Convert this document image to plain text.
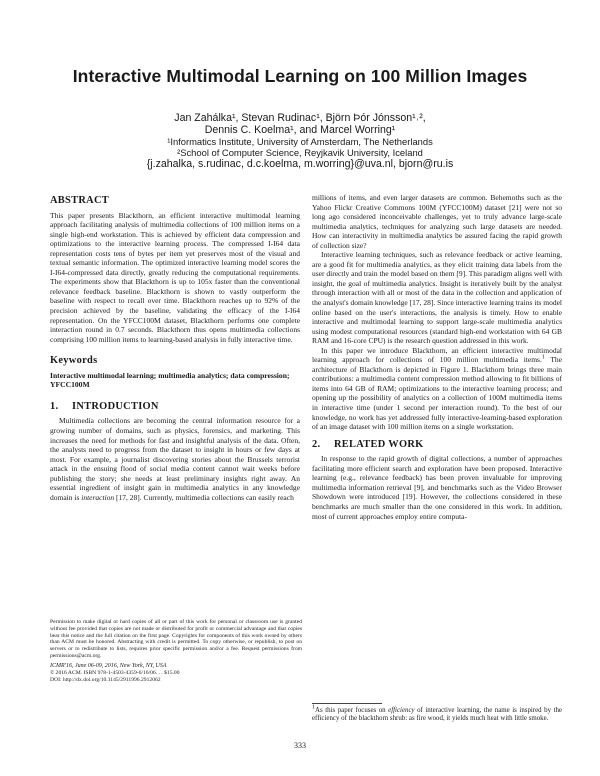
Interactive Multimodal Learning on 100 Million Images
Jan Zahálka¹, Stevan Rudinac¹, Björn Þór Jónsson¹˒²,
Dennis C. Koelma¹, and Marcel Worring¹
¹Informatics Institute, University of Amsterdam, The Netherlands
²School of Computer Science, Reyjkavik University, Iceland
{j.zahalka, s.rudinac, d.c.koelma, m.worring}@uva.nl, bjorn@ru.is
ABSTRACT

This paper presents Blackthorn, an efficient interactive multimodal learning approach facilitating analysis of multimedia collections of 100 million items on a single high-end workstation. This is achieved by efficient data compression and optimizations to the interactive learning process. The compressed I-I64 data representation costs tens of bytes per item yet preserves most of the visual and textual semantic information. The optimized interactive learning model scores the I-I64-compressed data directly, greatly reducing the computational requirements. The experiments show that Blackthorn is up to 105x faster than the conventional relevance feedback baseline. Blackthorn is shown to vastly outperform the baseline with respect to recall over time. Blackthorn reaches up to 92% of the precision achieved by the baseline, validating the efficacy of the I-I64 representation. On the YFCC100M dataset, Blackthorn performs one complete interaction round in 0.7 seconds. Blackthorn thus opens multimedia collections comprising 100 million items to learning-based analysis in fully interactive time.

Keywords

Interactive multimodal learning; multimedia analytics; data compression; YFCC100M

1. INTRODUCTION

Multimedia collections are becoming the central information resource for a growing number of domains, such as physics, forensics, and marketing. This increases the need for methods for fast and insightful analysis of the data. Often, the analysts need to progress from the dataset to insight in hours or few days at most. For example, a journalist discovering stories about the Brussels terrorist attack in the ensuing flood of social media content cannot wait weeks before publishing the story; she needs at least preliminary insights right away. An essential ingredient of insight gain in multimedia analytics in any knowledge domain is interaction [17, 28]. Currently, multimedia collections can easily reach

Permission to make digital or hard copies of all or part of this work for personal or classroom use is granted without fee provided that copies are not made or distributed for profit or commercial advantage and that copies bear this notice and the full citation on the first page. Copyrights for components of this work owned by others than ACM must be honored. Abstracting with credit is permitted. To copy otherwise, or republish, to post on servers or to redistribute to lists, requires prior specific permission and/or a fee. Request permissions from permissions@acm.org.

ICMR'16, June 06-09, 2016, New York, NY, USA

© 2016 ACM. ISBN 978-1-4503-4359-6/16/06. . . $15.00

DOI: http://dx.doi.org/10.1145/2911996.2912062

millions of items, and even larger datasets are common. Behemoths such as the Yahoo Flickr Creative Commons 100M (YFCC100M) dataset [21] were not so long ago considered inconceivable challenges, yet to truly advance large-scale multimedia analytics, techniques for analyzing such large datasets are needed. How can interactivity in multimedia analytics be assured facing the rapid growth of collection size?

Interactive learning techniques, such as relevance feedback or active learning, are a good fit for multimedia analytics, as they elicit training data labels from the user directly and train the model based on them [9]. This paradigm aligns well with insight, the goal of multimedia analytics. Insight is iteratively built by the analyst through interaction with all or most of the data in the collection and application of the analyst's domain knowledge [17, 28]. Since interactive learning trains its model online based on the user's interactions, the analysis is timely. How to enable interactive and multimodal learning to support large-scale multimedia analytics using modest computational resources (standard high-end workstation with 64 GB RAM and 16-core CPU) is the research question addressed in this work.

In this paper we introduce Blackthorn, an efficient interactive multimodal learning approach for collections of 100 million multimedia items.$^1$ The architecture of Blackthorn is depicted in Figure 1. Blackthorn brings three main contributions: a multimedia content compression method allowing to fit billions of items into 64 GB of RAM; optimizations to the interactive learning process; and opening up the possibility of analytics on a collection of 100M multimedia items in interactive time (under 1 second per interaction round). To the best of our knowledge, no work has yet addressed fully interactive-learning-based exploration of an image dataset with 100 million items on a single workstation.

2. RELATED WORK

In response to the rapid growth of digital collections, a number of approaches facilitating more efficient search and exploration have been proposed. Interactive learning (e.g., relevance feedback) has been proven invaluable for improving multimedia information retrieval [9], and benchmarks such as the Video Browser Showdown were introduced [19]. However, the collections considered in these benchmarks are much smaller than the one considered in this work. In addition, most of current approaches employ entire computa-

$^1$As this paper focuses on efficiency of interactive learning, the name is inspired by the efficiency of the blackthorn shrub: as fire wood, it yields much heat with little smoke.
333
